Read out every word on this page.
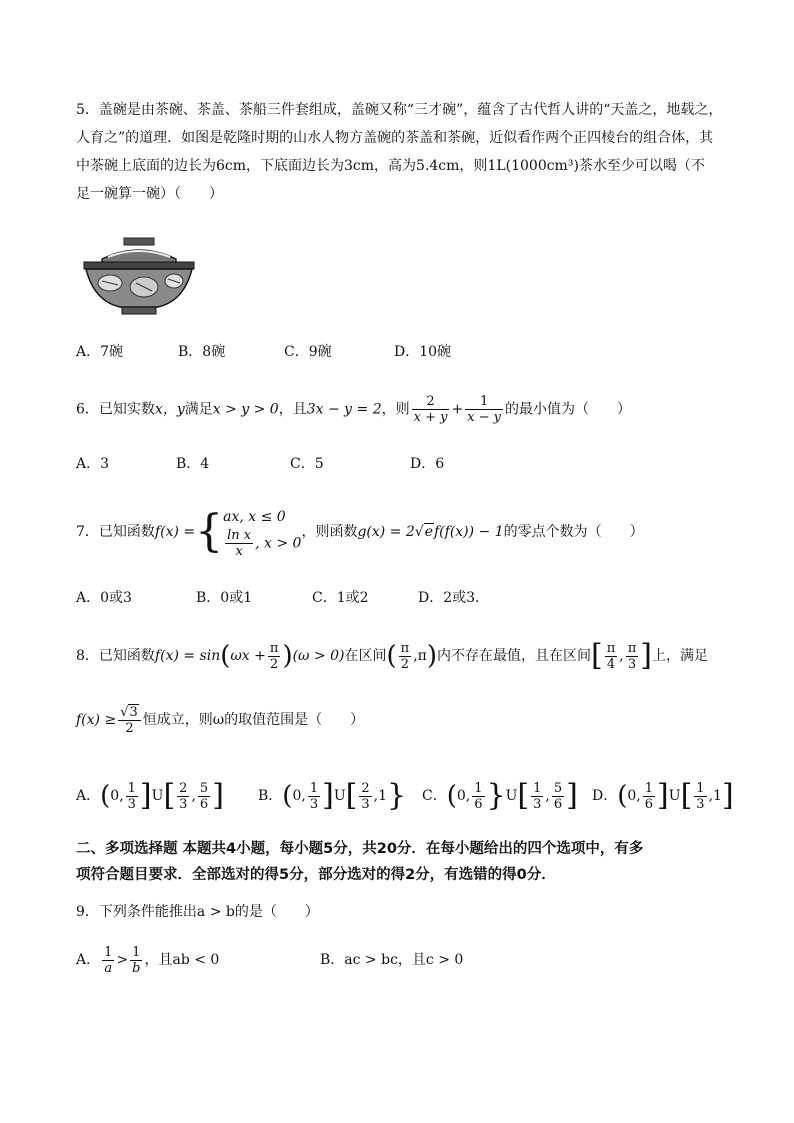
5．盖碗是由茶碗、茶盖、茶船三件套组成，盖碗又称“三才碗”，蕴含了古代哲人讲的“天盖之，地载之，
人育之”的道理．如图是乾隆时期的山水人物方盖碗的茶盖和茶碗，近似看作两个正四棱台的组合体，其
中茶碗上底面的边长为6cm，下底面边长为3cm，高为5.4cm，则1L(1000cm³)茶水至少可以喝（不
足一碗算一碗）（　　）
A．7碗	B．8碗	C．9碗	D．10碗
6．已知实数x，y满足x > y > 0，且3x − y = 2，则 $\frac{2}{x + y} + \frac{1}{x - y}$ 的最小值为（　　）
A．3	B．4	C．5	D．6
7．已知函数f(x) ={ ax, x ≤ 0
$\frac{\text{ln x}}{x}$ , x > 0
，则函数g(x) = 2√ef(f(x)) − 1的零点个数为（　　）
A．0或3	B．0或1	C．1或2	D．2或3．
8．已知函数$f(x) = \sin(\omega x + \frac{\pi}{2} )(\omega > 0)$在区间( $\frac{\pi}{2} ,\pi$)内不存在最值，且在区间[ $\frac{\pi}{4}$ , $\frac{\pi}{3}$ ]上，满足
$f(x) \ge \frac{√3}{2}$ 恒成立，则ω的取值范围是（　　）
A．(0, $\frac{1}{3} ]U[ \frac{2}{3}$ , $\frac{5}{6}$ ] B．(0, $\frac{1}{3} ]U[ \frac{2}{3} ,1\}$ C．(0, $\frac{1}{6} \}U[ \frac{1}{3}$ , $\frac{5}{6}$ ] D．(0, $\frac{1}{6} ]U[ \frac{1}{3} ,1]$
二、多项选择题 本题共4小题，每小题5分，共20分．在每小题给出的四个选项中，有多
项符合题目要求．全部选对的得5分，部分选对的得2分，有选错的得0分．
9．下列条件能推出a > b的是（　　）
A． $\frac{1}{a} > \frac{1}{b}$ ，且ab < 0	B．ac > bc，且c > 0
